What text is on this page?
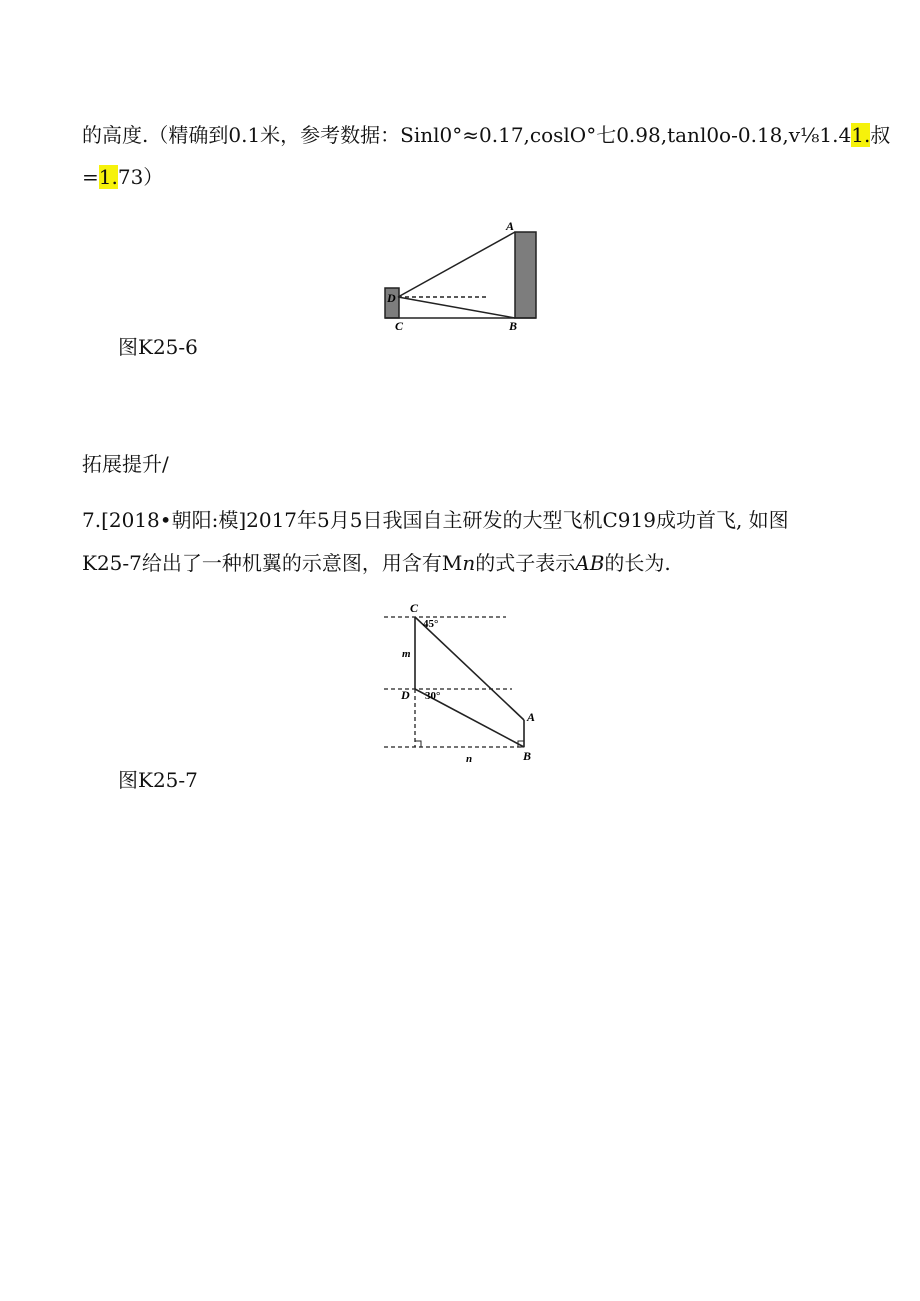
的高度.（精确到0.1米，参考数据：Sinl0°≈0.17,coslO°七0.98,tanl0o-0.18,v⅛1.41.叔
=1.73）
A
D
C	B
图K25-6
拓展提升/
7.[2018•朝阳:模]2017年5月5日我国自主研发的大型飞机C919成功首飞, 如图
K25-7给出了一种机翼的示意图，用含有Mn的式子表示AB的长为.
C
45°
m
D 30°
A
n	B
图K25-7
